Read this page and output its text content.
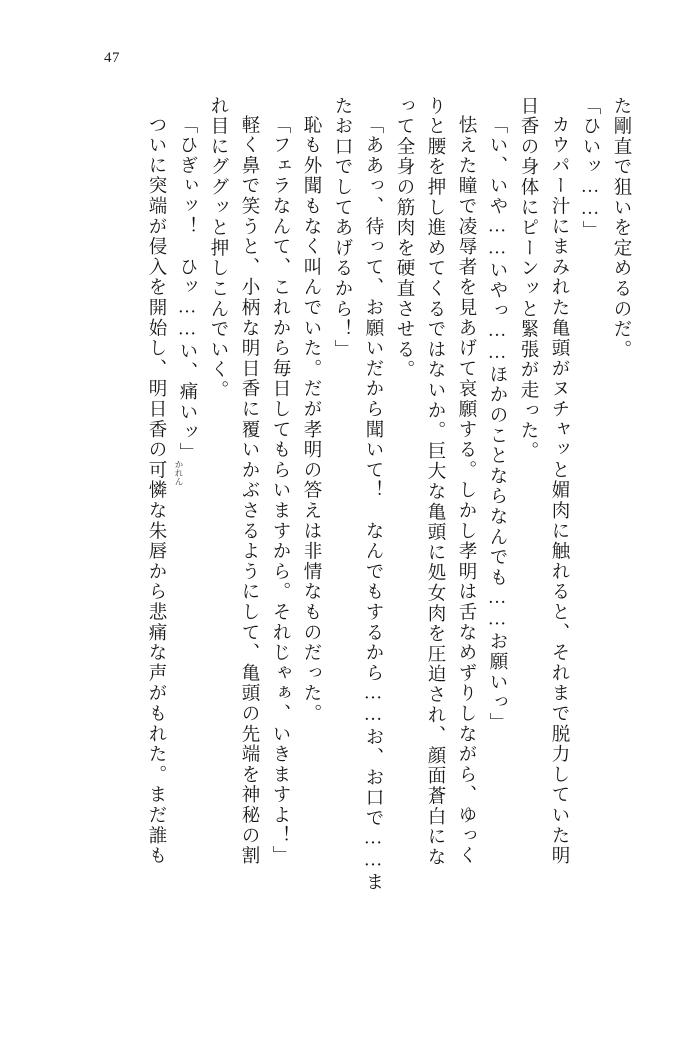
47
た剛直で狙いを定めるのだ。
「ひいッ……」
カウパー汁にまみれた亀頭がヌチャッと媚肉に触れると、それまで脱力していた明
日香の身体にピーンッと緊張が走った。
「い、いや……いやっ……ほかのことならなんでも……お願いっ」
怯えた瞳で凌辱者を見あげて哀願する。しかし孝明は舌なめずりしながら、ゆっく
りと腰を押し進めてくるではないか。巨大な亀頭に処女肉を圧迫され、顔面蒼白にな
って全身の筋肉を硬直させる。
「ああっ、待って、お願いだから聞いて！　なんでもするから……お、お口で……ま
たお口でしてあげるから！」
恥も外聞もなく叫んでいた。だが孝明の答えは非情なものだった。
「フェラなんて、これから毎日してもらいますから。それじゃぁ、いきますよ！」
軽く鼻で笑うと、小柄な明日香に覆いかぶさるようにして、亀頭の先端を神秘の割
れ目にググッと押しこんでいく。
「ひぎぃッ！　ひッ……い、痛いッ」
ついに突端が侵入を開始し、明日香の可憐 かれん
な朱唇から悲痛な声がもれた。まだ誰も
